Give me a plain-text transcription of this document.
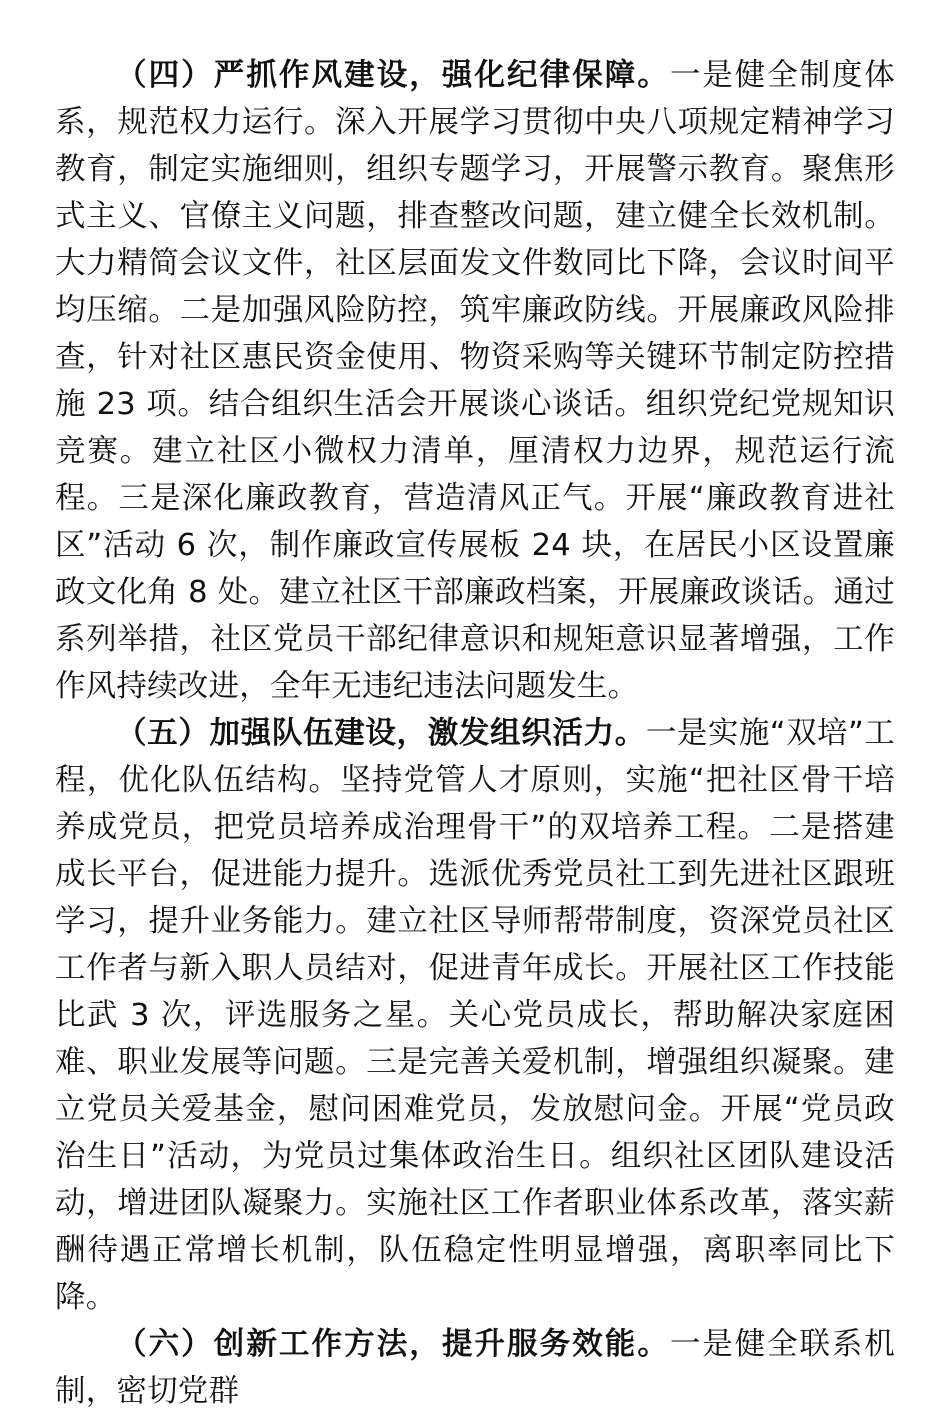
（四）严抓作风建设，强化纪律保障。一是健全制度体系，规范权力运行。深入开展学习贯彻中央八项规定精神学习教育，制定实施细则，组织专题学习，开展警示教育。聚焦形式主义、官僚主义问题，排查整改问题，建立健全长效机制。大力精简会议文件，社区层面发文件数同比下降，会议时间平均压缩。二是加强风险防控，筑牢廉政防线。开展廉政风险排查，针对社区惠民资金使用、物资采购等关键环节制定防控措施 23 项。结合组织生活会开展谈心谈话。组织党纪党规知识竞赛。建立社区小微权力清单，厘清权力边界，规范运行流程。三是深化廉政教育，营造清风正气。开展“廉政教育进社区”活动 6 次，制作廉政宣传展板 24 块，在居民小区设置廉政文化角 8 处。建立社区干部廉政档案，开展廉政谈话。通过系列举措，社区党员干部纪律意识和规矩意识显著增强，工作作风持续改进，全年无违纪违法问题发生。

（五）加强队伍建设，激发组织活力。一是实施“双培”工程，优化队伍结构。坚持党管人才原则，实施“把社区骨干培养成党员，把党员培养成治理骨干”的双培养工程。二是搭建成长平台，促进能力提升。选派优秀党员社工到先进社区跟班学习，提升业务能力。建立社区导师帮带制度，资深党员社区工作者与新入职人员结对，促进青年成长。开展社区工作技能比武 3 次，评选服务之星。关心党员成长，帮助解决家庭困难、职业发展等问题。三是完善关爱机制，增强组织凝聚。建立党员关爱基金，慰问困难党员，发放慰问金。开展“党员政治生日”活动，为党员过集体政治生日。组织社区团队建设活动，增进团队凝聚力。实施社区工作者职业体系改革，落实薪酬待遇正常增长机制，队伍稳定性明显增强，离职率同比下降。

（六）创新工作方法，提升服务效能。一是健全联系机制，密切党群
